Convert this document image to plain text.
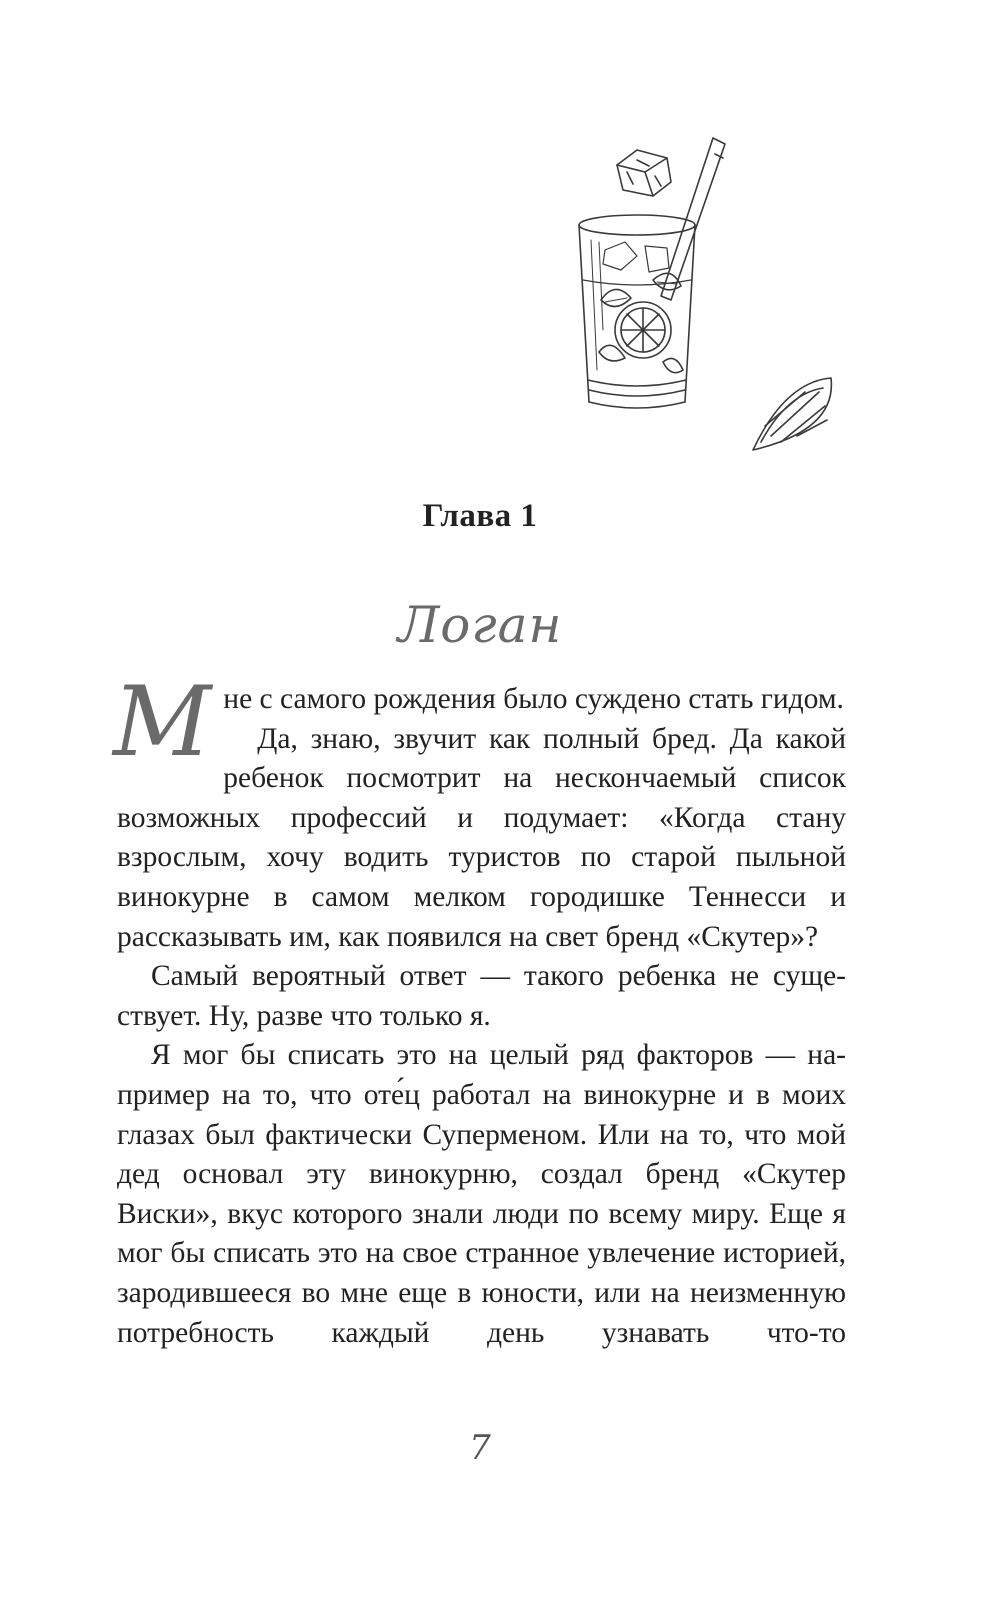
Глава 1
Логан

Мне с самого рождения было суждено стать гидом.

Да, знаю, звучит как полный бред. Да какой ребенок посмотрит на нескончаемый список возможных профессий и подумает: «Когда стану взрослым, хочу водить туристов по старой пыльной винокурне в самом мелком городишке Теннесси и рассказывать им, как появился на свет бренд «Скутер»?

Самый вероятный ответ — такого ребенка не существует. Ну, разве что только я.

Я мог бы списать это на целый ряд факторов — например на то, что оте́ц работал на винокурне и в моих глазах был фактически Суперменом. Или на то, что мой дед основал эту винокурню, создал бренд «Скутер Виски», вкус которого знали люди по всему миру. Еще я мог бы списать это на свое странное увлечение историей, зародившееся во мне еще в юности, или на неизменную потребность каждый день узнавать что-то

7
